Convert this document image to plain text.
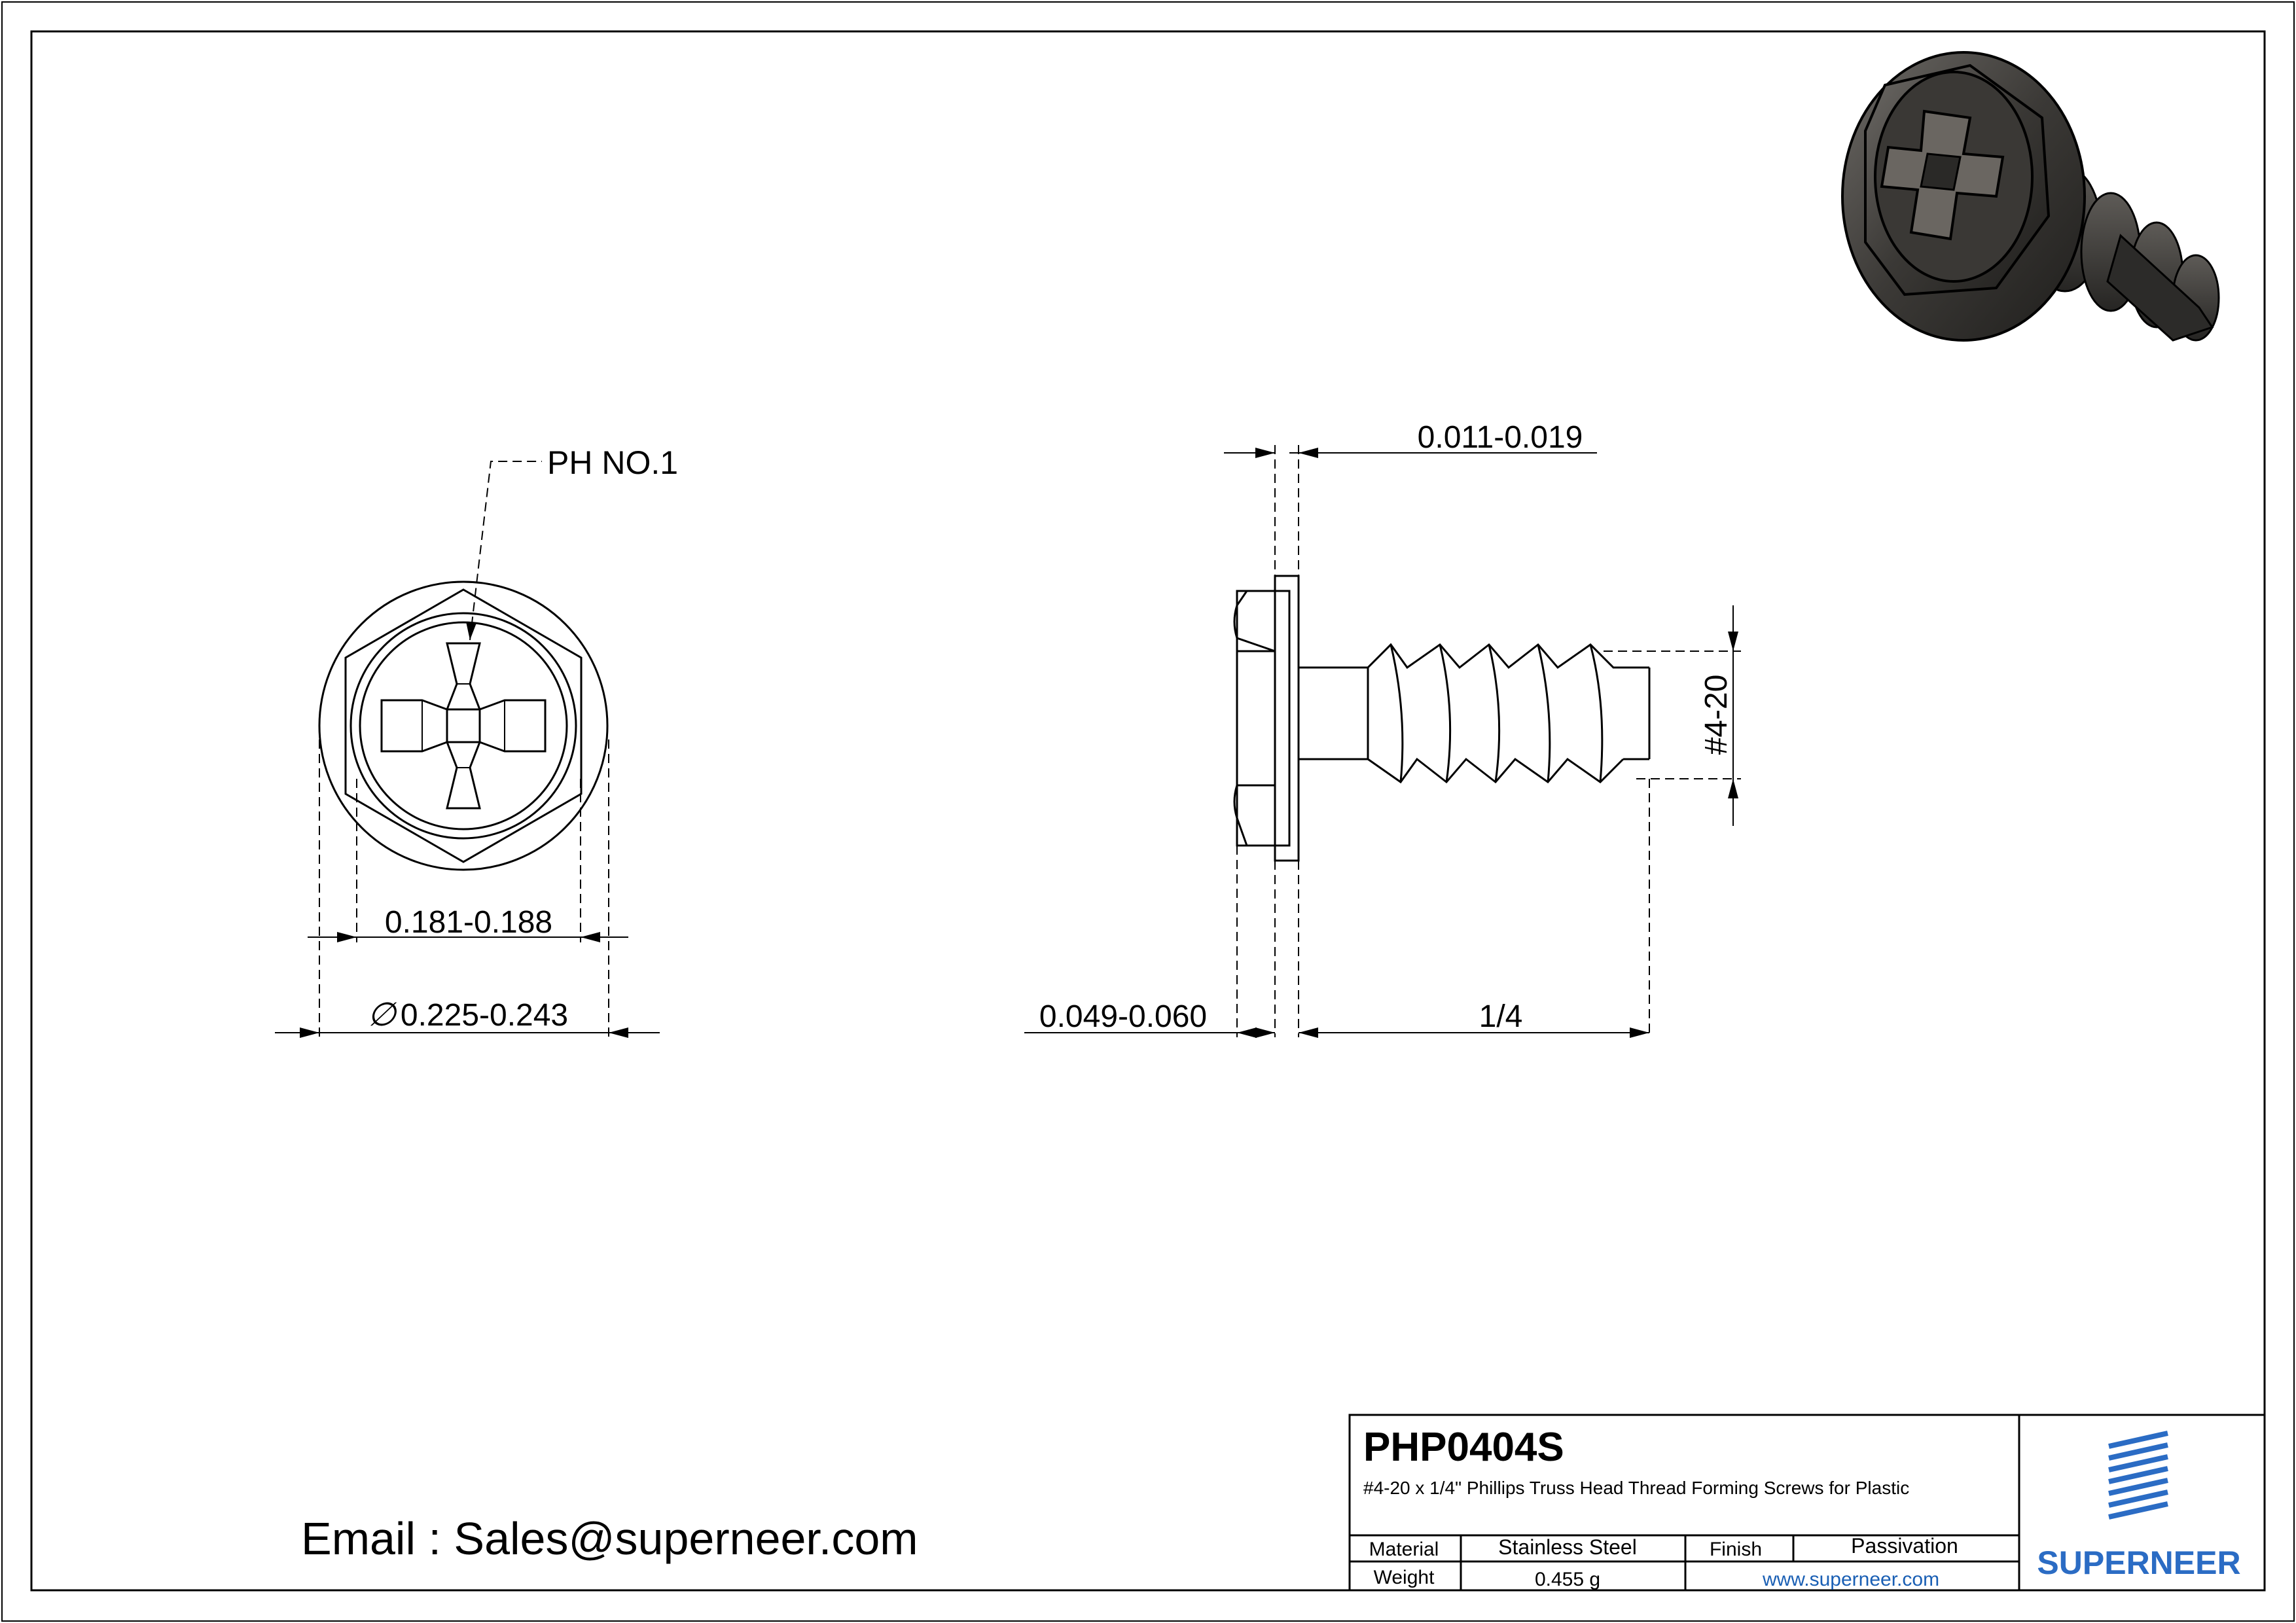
PH NO.1
0.181-0.188
∅ 0.225-0.243
0.011-0.019
0.049-0.060	1/4
#4-20
Email : Sales@superneer.com
PHP0404S
#4-20 x 1/4" Phillips Truss Head Thread Forming Screws for Plastic
Material	Stainless Steel	Finish	Passivation
Weight	0.455 g	www.superneer.com	SUPERNEER
